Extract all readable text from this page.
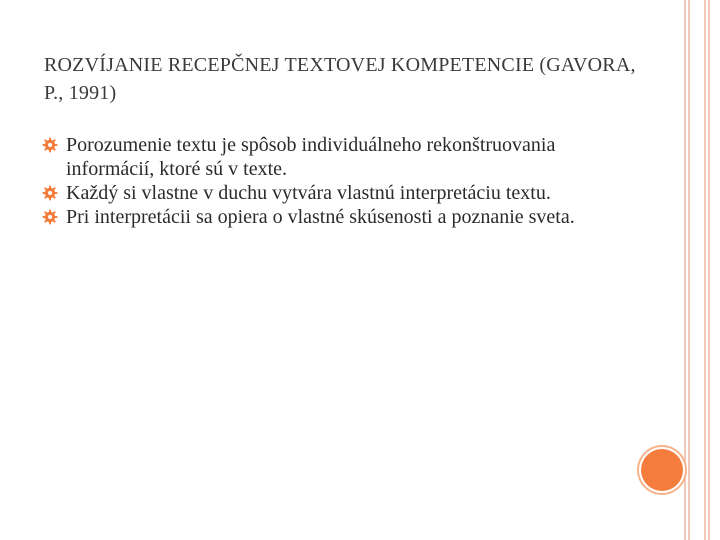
ROZVÍJANIE RECEPČNEJ TEXTOVEJ KOMPETENCIE (GAVORA, P., 1991)
Porozumenie textu je spôsob individuálneho rekonštruovania informácií, ktoré sú v texte.
Každý si vlastne v duchu vytvára vlastnú interpretáciu textu.
Pri interpretácii sa opiera o vlastné skúsenosti a poznanie sveta.
